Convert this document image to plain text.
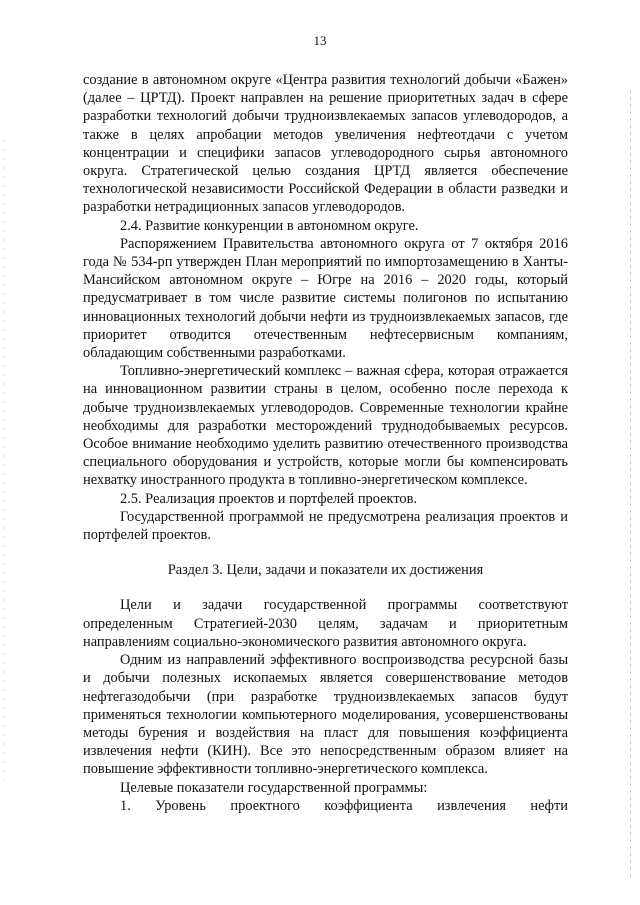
13

создание в автономном округе «Центра развития технологий добычи «Бажен» (далее – ЦРТД). Проект направлен на решение приоритетных задач в сфере разработки технологий добычи трудноизвлекаемых запасов углеводородов, а также в целях апробации методов увеличения нефтеотдачи с учетом концентрации и специфики запасов углеводородного сырья автономного округа. Стратегической целью создания ЦРТД является обеспечение технологической независимости Российской Федерации в области разведки и разработки нетрадиционных запасов углеводородов.

2.4. Развитие конкуренции в автономном округе.

Распоряжением Правительства автономного округа от 7 октября 2016 года № 534-рп утвержден План мероприятий по импортозамещению в Ханты-Мансийском автономном округе – Югре на 2016 – 2020 годы, который предусматривает в том числе развитие системы полигонов по испытанию инновационных технологий добычи нефти из трудноизвлекаемых запасов, где приоритет отводится отечественным нефтесервисным компаниям, обладающим собственными разработками.

Топливно-энергетический комплекс – важная сфера, которая отражается на инновационном развитии страны в целом, особенно после перехода к добыче трудноизвлекаемых углеводородов. Современные технологии крайне необходимы для разработки месторождений труднодобываемых ресурсов. Особое внимание необходимо уделить развитию отечественного производства специального оборудования и устройств, которые могли бы компенсировать нехватку иностранного продукта в топливно-энергетическом комплексе.

2.5. Реализация проектов и портфелей проектов.

Государственной программой не предусмотрена реализация проектов и портфелей проектов.

Раздел 3. Цели, задачи и показатели их достижения

Цели и задачи государственной программы соответствуют определенным Стратегией-2030 целям, задачам и приоритетным направлениям социально-экономического развития автономного округа.

Одним из направлений эффективного воспроизводства ресурсной базы и добычи полезных ископаемых является совершенствование методов нефтегазодобычи (при разработке трудноизвлекаемых запасов будут применяться технологии компьютерного моделирования, усовершенствованы методы бурения и воздействия на пласт для повышения коэффициента извлечения нефти (КИН). Все это непосредственным образом влияет на повышение эффективности топливно-энергетического комплекса.

Целевые показатели государственной программы:

1. Уровень проектного коэффициента извлечения нефти
